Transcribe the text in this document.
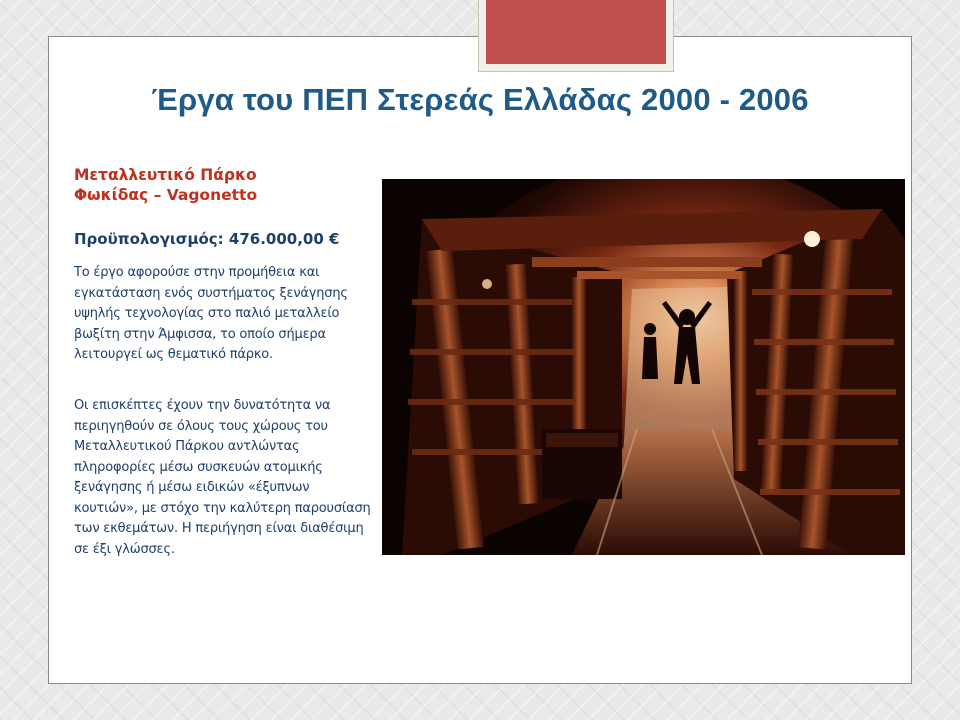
Έργα του ΠΕΠ Στερεάς Ελλάδας 2000 - 2006
Μεταλλευτικό Πάρκο
Φωκίδας – Vagonetto
Προϋπολογισμός: 476.000,00 €
Το έργο αφορούσε στην προμήθεια και εγκατάσταση ενός συστήματος ξενάγησης υψηλής τεχνολογίας στο παλιό μεταλλείο βωξίτη στην Άμφισσα, το οποίο σήμερα λειτουργεί ως θεματικό πάρκο.
Οι επισκέπτες έχουν την δυνατότητα να περιηγηθούν σε όλους τους χώρους του Μεταλλευτικού Πάρκου αντλώντας πληροφορίες μέσω συσκευών ατομικής ξενάγησης ή μέσω ειδικών «έξυπνων κουτιών», με στόχο την καλύτερη παρουσίαση των εκθεμάτων. Η περιήγηση είναι διαθέσιμη σε έξι γλώσσες.
